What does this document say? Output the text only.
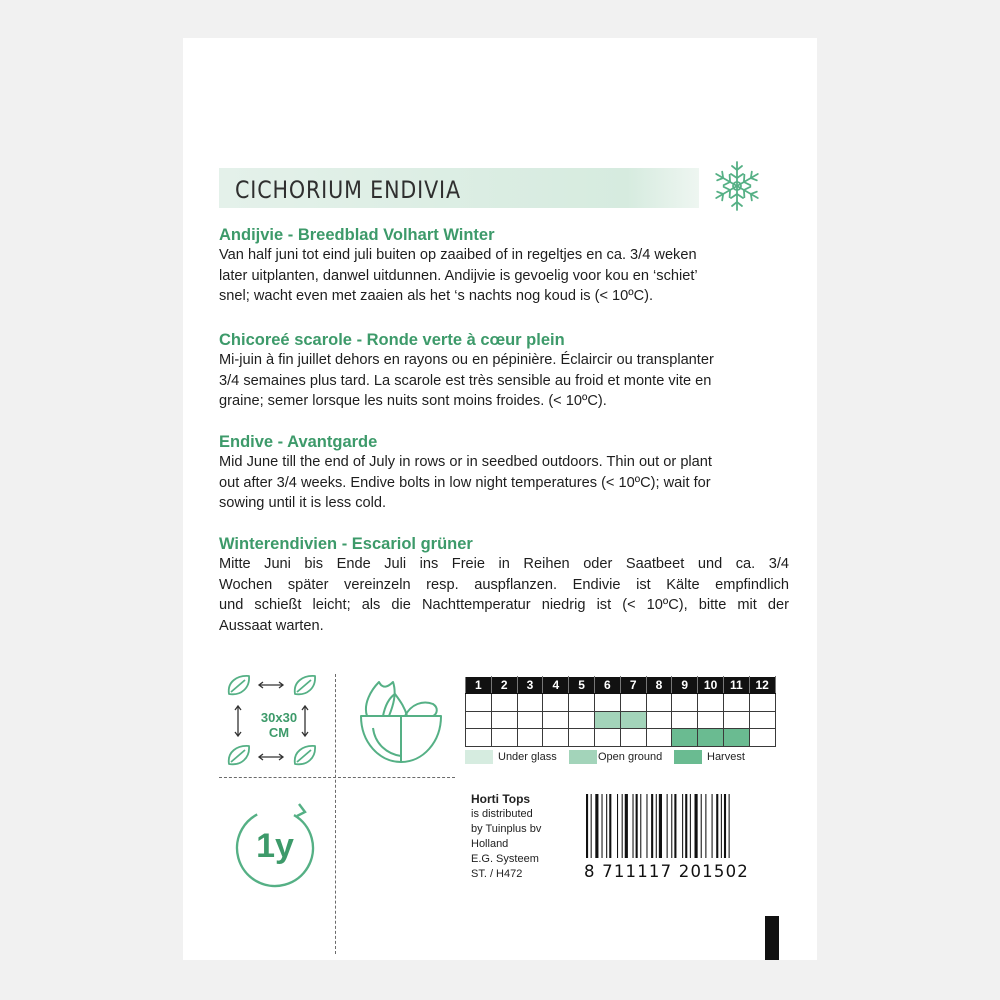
CICHORIUM ENDIVIA
Andijvie - Breedblad Volhart Winter

Van half juni tot eind juli buiten op zaaibed of in regeltjes en ca. 3/4 weken

later uitplanten, danwel uitdunnen. Andijvie is gevoelig voor kou en ‘schiet’

snel; wacht even met zaaien als het ‘s nachts nog koud is (< 10ºC).

Chicoreé scarole - Ronde verte à cœur plein

Mi-juin à fin juillet dehors en rayons ou en pépinière. Éclaircir ou transplanter

3/4 semaines plus tard. La scarole est très sensible au froid et monte vite en

graine; semer lorsque les nuits sont moins froides. (< 10ºC).

Endive - Avantgarde

Mid June till the end of July in rows or in seedbed outdoors. Thin out or plant

out after 3/4 weeks. Endive bolts in low night temperatures (< 10ºC); wait for

sowing until it is less cold.

Winterendivien - Escariol grüner

Mitte Juni bis Ende Juli ins Freie in Reihen oder Saatbeet und ca. 3/4

Wochen später vereinzeln resp. auspflanzen. Endivie ist Kälte empfindlich

und schießt leicht; als die Nachttemperatur niedrig ist (< 10ºC), bitte mit der

Aussaat warten.

30x30
CM
1y
1	2	3	4	5	6	7	8	9	10	11	12

Under glass	Open ground	Harvest
Horti Tops
is distributed
by Tuinplus bv
Holland
E.G. Systeem
ST. / H472	8 711117 201502
